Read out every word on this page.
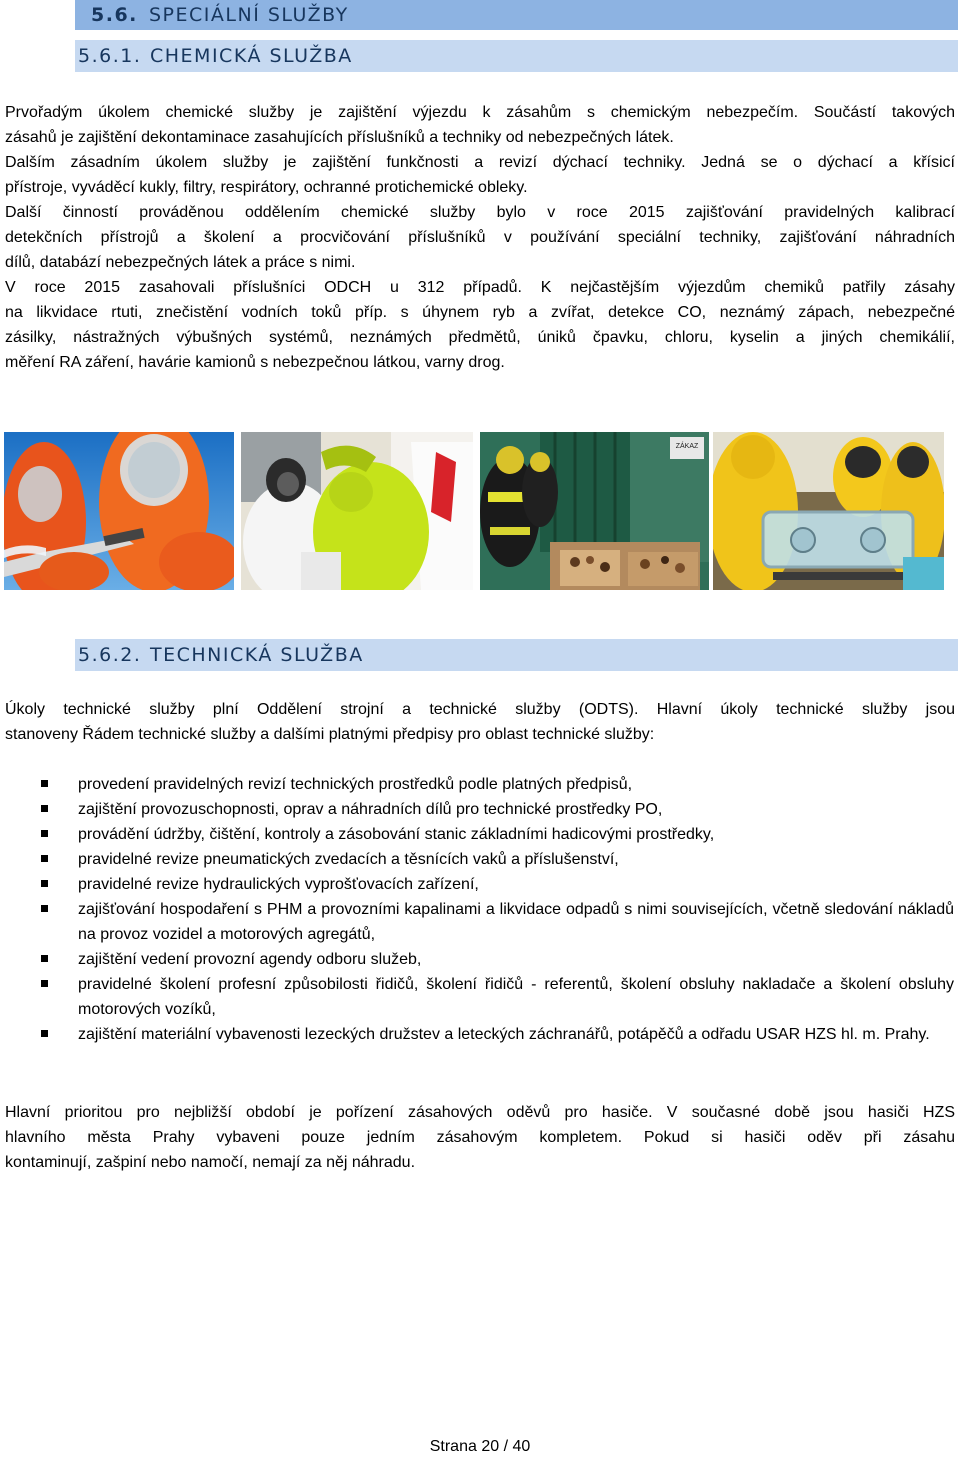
5.6. SPECIÁLNÍ SLUŽBY
5.6.1. CHEMICKÁ SLUŽBA
Prvořadým úkolem chemické služby je zajištění výjezdu k zásahům s chemickým nebezpečím. Součástí takových
zásahů je zajištění dekontaminace zasahujících příslušníků a techniky od nebezpečných látek.
Dalším zásadním úkolem služby je zajištění funkčnosti a revizí dýchací techniky. Jedná se o dýchací a křísicí
přístroje, vyváděcí kukly, filtry, respirátory, ochranné protichemické obleky.
Další činností prováděnou oddělením chemické služby bylo v roce 2015 zajišťování pravidelných kalibrací
detekčních přístrojů a školení a procvičování příslušníků v používání speciální techniky, zajišťování náhradních
dílů, databází nebezpečných látek a práce s nimi.
V roce 2015 zasahovali příslušníci ODCH u 312 případů. K nejčastějším výjezdům chemiků patřily zásahy
na likvidace rtuti, znečistění vodních toků příp. s úhynem ryb a zvířat, detekce CO, neznámý zápach, nebezpečné
zásilky, nástražných výbušných systémů, neznámých předmětů, úniků čpavku, chloru, kyselin a jiných chemikálií,
měření RA záření, havárie kamionů s nebezpečnou látkou, varny drog.
ZÁKAZ
5.6.2. TECHNICKÁ SLUŽBA
Úkoly technické služby plní Oddělení strojní a technické služby (ODTS). Hlavní úkoly technické služby jsou
stanoveny Řádem technické služby a dalšími platnými předpisy pro oblast technické služby:
provedení pravidelných revizí technických prostředků podle platných předpisů,
zajištění provozuschopnosti, oprav a náhradních dílů pro technické prostředky PO,
provádění údržby, čištění, kontroly a zásobování stanic základními hadicovými prostředky,
pravidelné revize pneumatických zvedacích a těsnících vaků a příslušenství,
pravidelné revize hydraulických vyprošťovacích zařízení,
zajišťování hospodaření s PHM a provozními kapalinami a likvidace odpadů s nimi souvisejících, včetně sledování nákladů na provoz vozidel a motorových agregátů,
zajištění vedení provozní agendy odboru služeb,
pravidelné školení profesní způsobilosti řidičů, školení řidičů - referentů, školení obsluhy nakladače a školení obsluhy motorových vozíků,
zajištění materiální vybavenosti lezeckých družstev a leteckých záchranářů, potápěčů a odřadu USAR HZS hl. m. Prahy.
Hlavní prioritou pro nejbližší období je pořízení zásahových oděvů pro hasiče. V současné době jsou hasiči HZS
hlavního města Prahy vybaveni pouze jedním zásahovým kompletem. Pokud si hasiči oděv při zásahu
kontaminují, zašpiní nebo namočí, nemají za něj náhradu.
Strana 20 / 40
